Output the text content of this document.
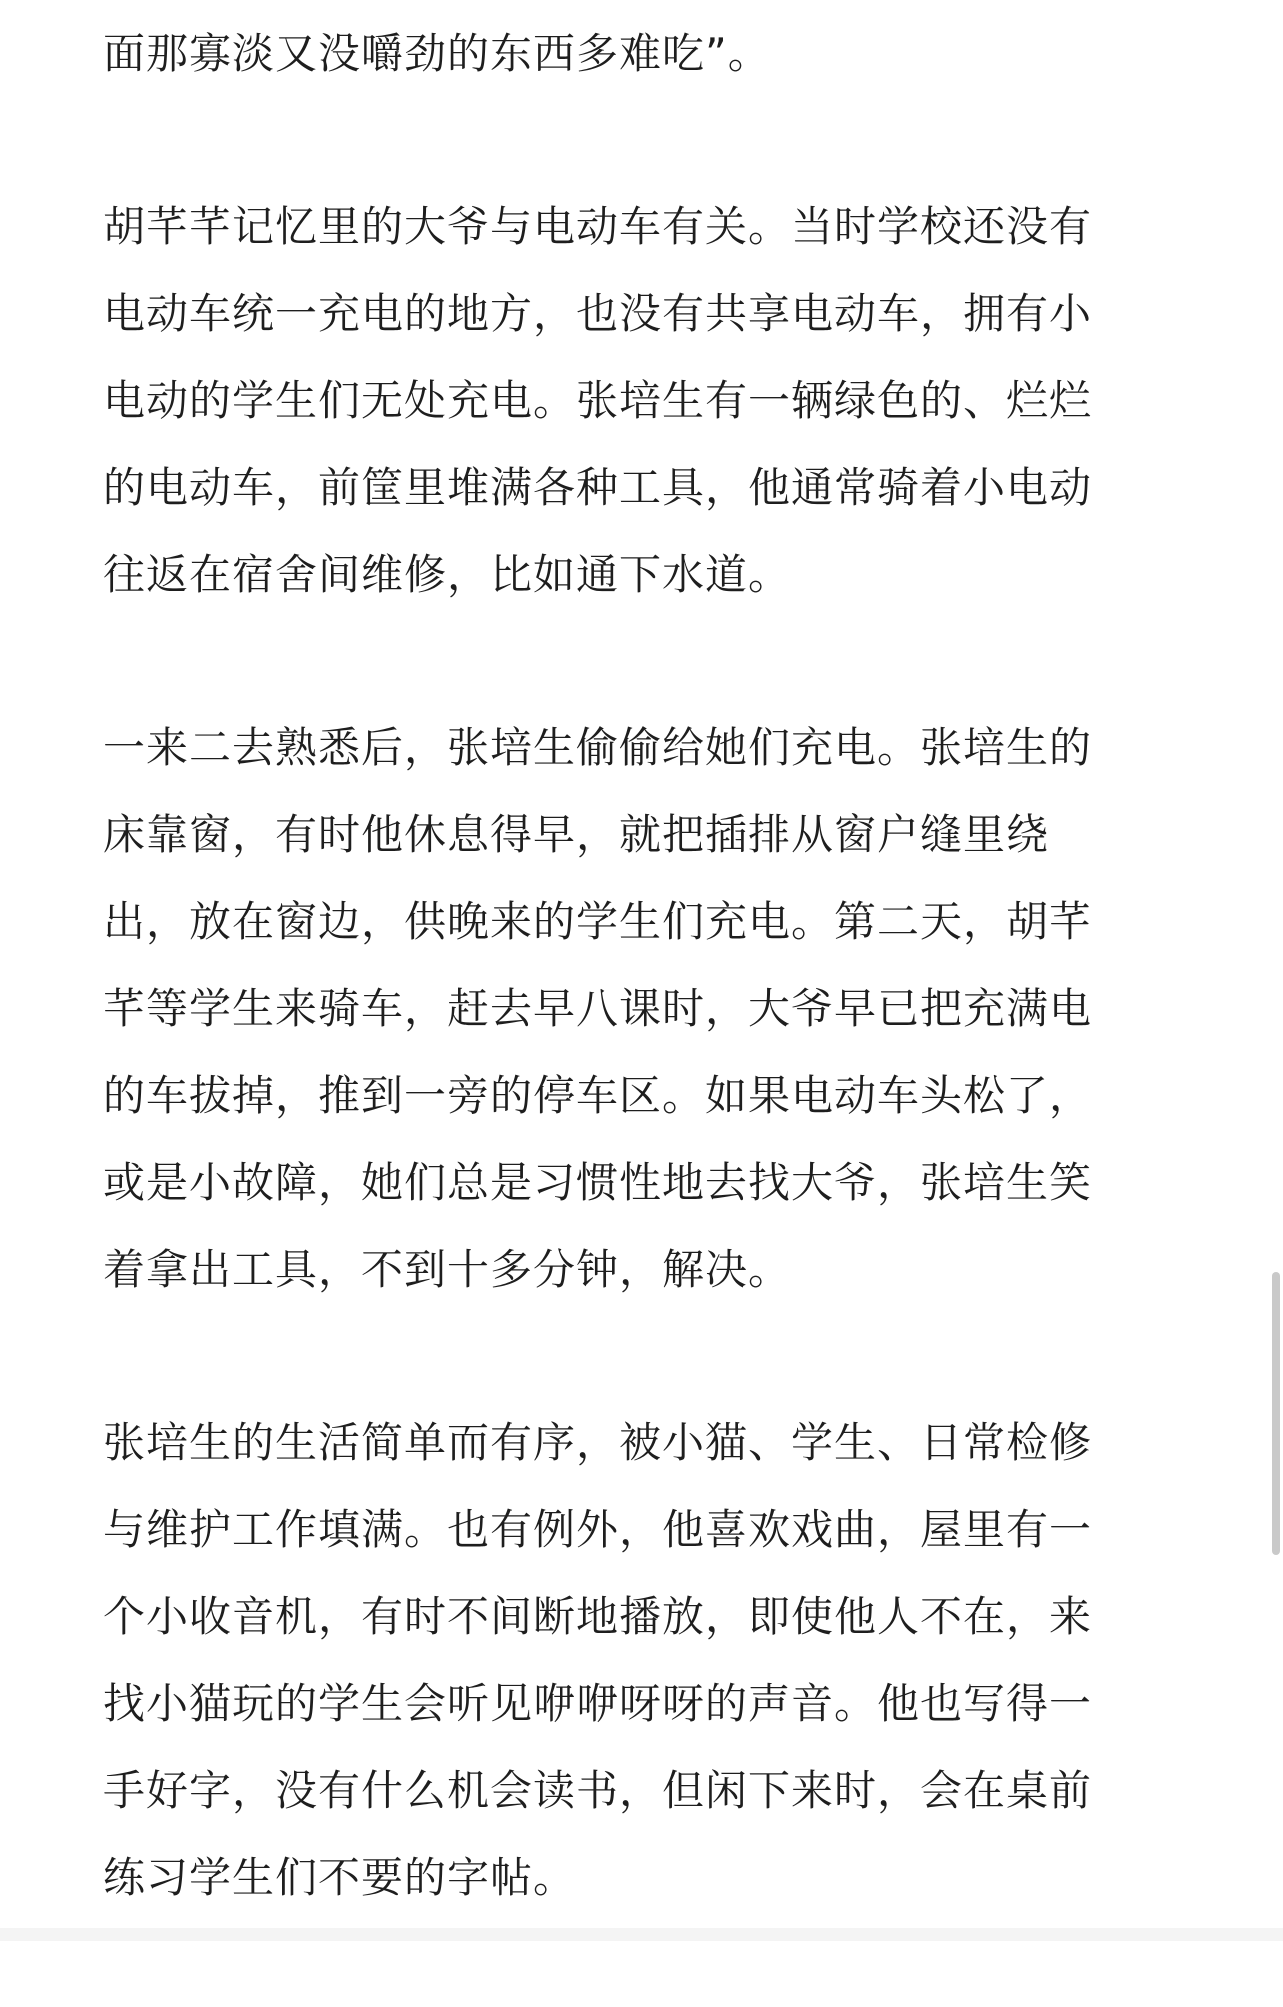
面那寡淡又没嚼劲的东西多难吃”。
胡芊芊记忆里的大爷与电动车有关。当时学校还没有
电动车统一充电的地方，也没有共享电动车，拥有小
电动的学生们无处充电。张培生有一辆绿色的、烂烂
的电动车，前筐里堆满各种工具，他通常骑着小电动
往返在宿舍间维修，比如通下水道。
一来二去熟悉后，张培生偷偷给她们充电。张培生的
床靠窗，有时他休息得早，就把插排从窗户缝里绕
出，放在窗边，供晚来的学生们充电。第二天，胡芊
芊等学生来骑车，赶去早八课时，大爷早已把充满电
的车拔掉，推到一旁的停车区。如果电动车头松了，
或是小故障，她们总是习惯性地去找大爷，张培生笑
着拿出工具，不到十多分钟，解决。
张培生的生活简单而有序，被小猫、学生、日常检修
与维护工作填满。也有例外，他喜欢戏曲，屋里有一
个小收音机，有时不间断地播放，即使他人不在，来
找小猫玩的学生会听见咿咿呀呀的声音。他也写得一
手好字，没有什么机会读书，但闲下来时，会在桌前
练习学生们不要的字帖。
